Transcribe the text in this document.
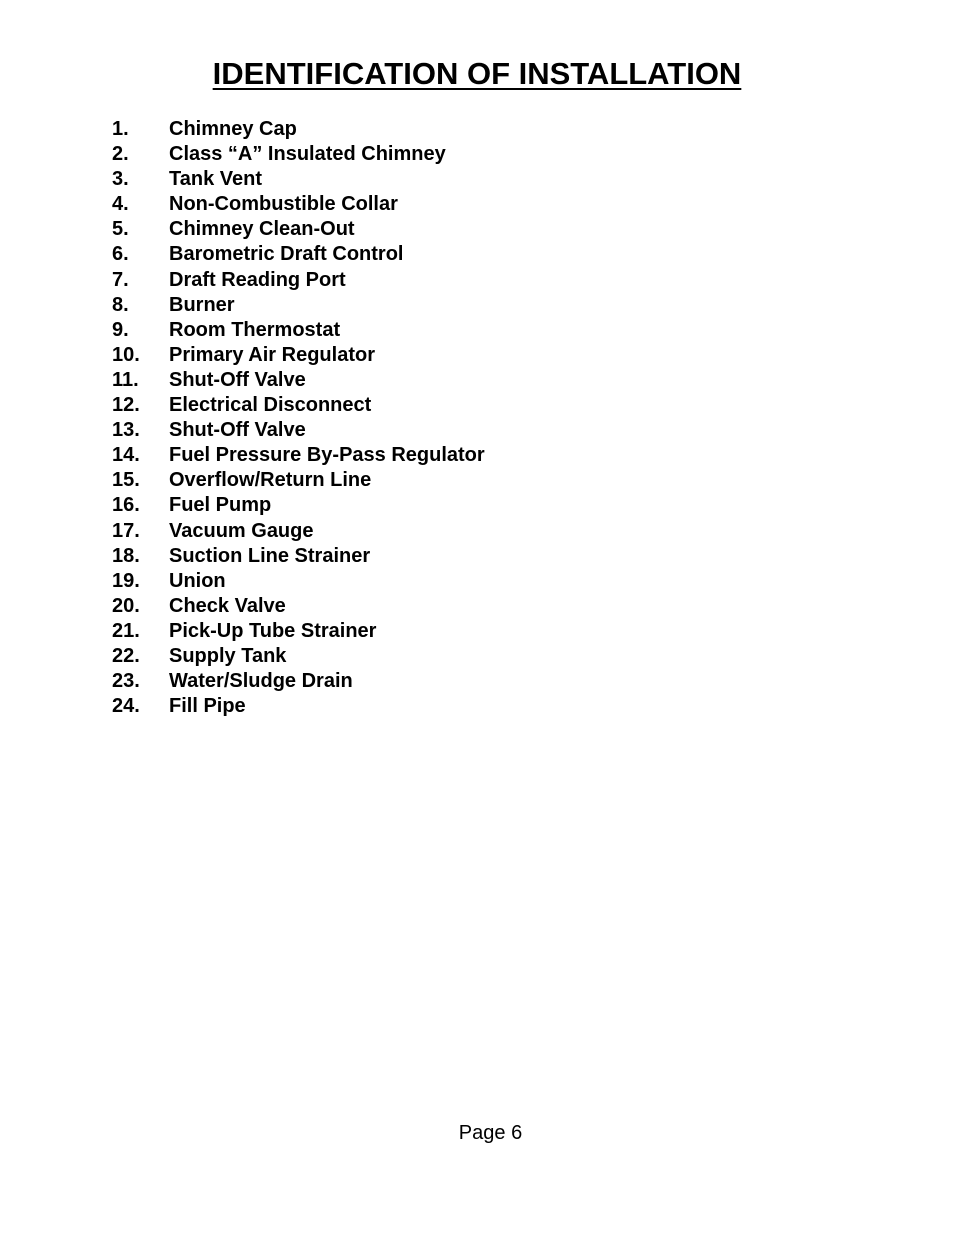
IDENTIFICATION OF INSTALLATION
1.	Chimney Cap
2.	Class “A” Insulated Chimney
3.	Tank Vent
4.	Non-Combustible Collar
5.	Chimney Clean-Out
6.	Barometric Draft Control
7.	Draft Reading Port
8.	Burner
9.	Room Thermostat
10.	Primary Air Regulator
11.	Shut-Off Valve
12.	Electrical Disconnect
13.	Shut-Off Valve
14.	Fuel Pressure By-Pass Regulator
15.	Overflow/Return Line
16.	Fuel Pump
17.	Vacuum Gauge
18.	Suction Line Strainer
19.	Union
20.	Check Valve
21.	Pick-Up Tube Strainer
22.	Supply Tank
23.	Water/Sludge Drain
24.	Fill Pipe
Page 6
